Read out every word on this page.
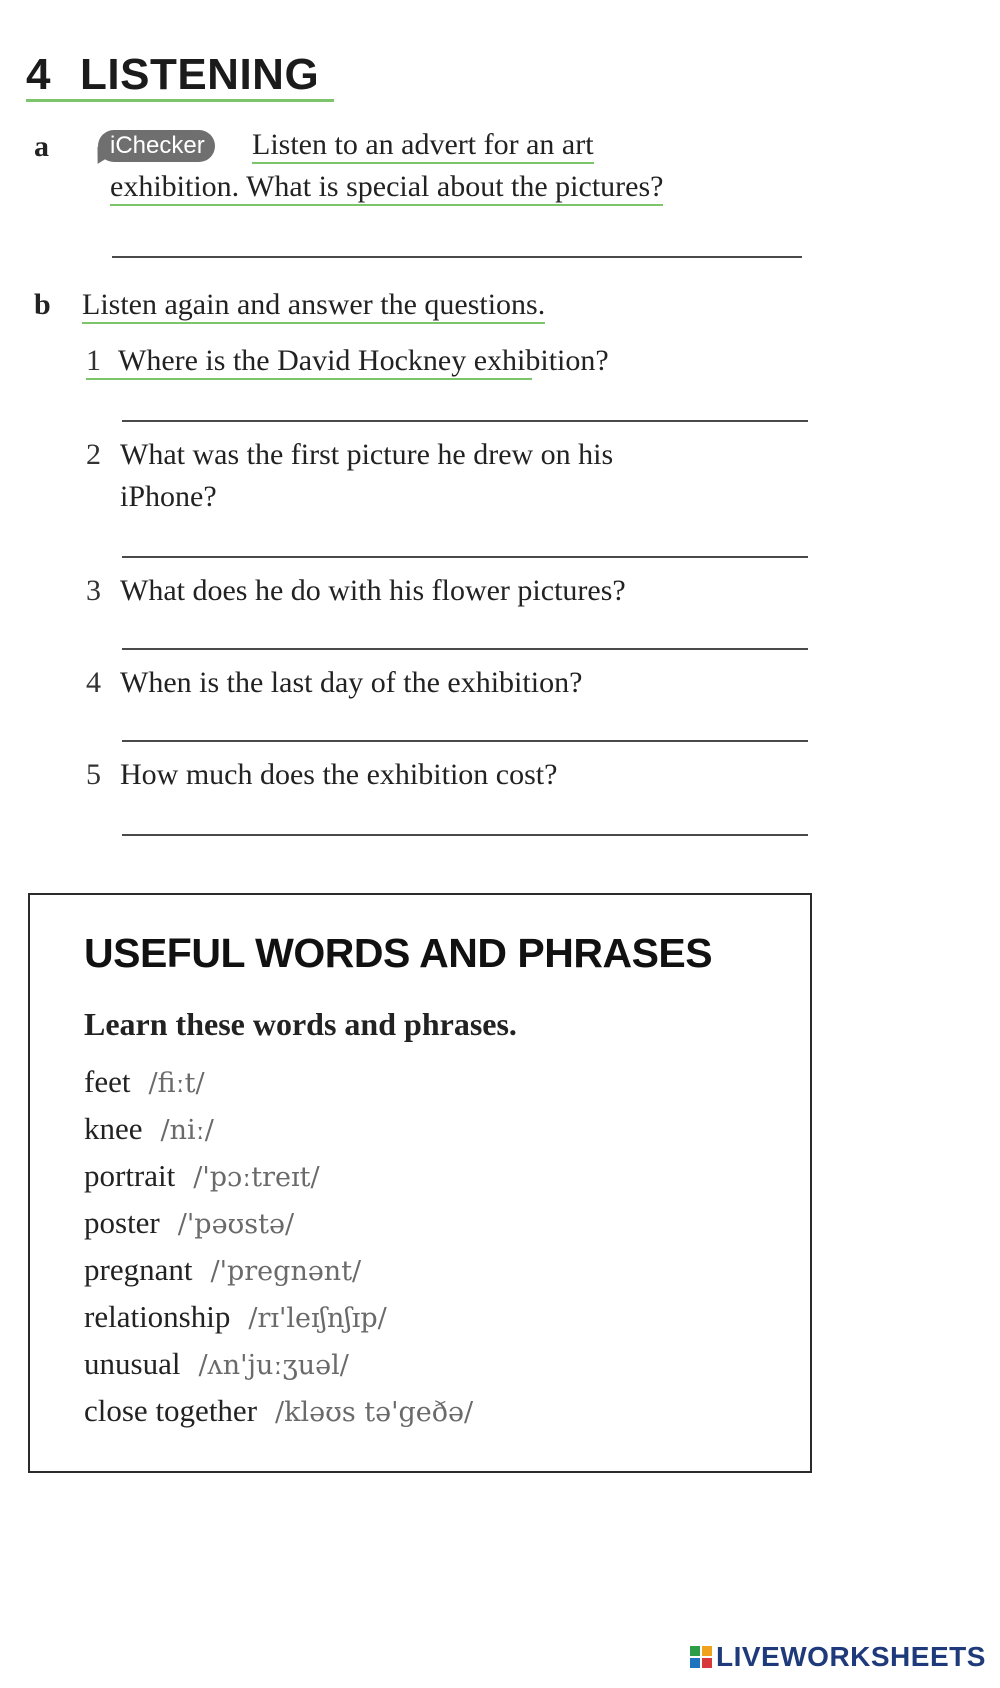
4 LISTENING
a	iChecker	Listen to an advert for an art
exhibition. What is special about the pictures?
b Listen again and answer the questions.
1 Where is the David Hockney exhibition?
2 What was the first picture he drew on his
iPhone?
3 What does he do with his flower pictures?
4 When is the last day of the exhibition?
5 How much does the exhibition cost?
USEFUL WORDS AND PHRASES
Learn these words and phrases.
feet /fiːt/
knee /niː/
portrait /'pɔːtreɪt/
poster /'pəʊstə/
pregnant /'pregnənt/
relationship /rɪ'leɪʃnʃɪp/
unusual /ʌn'juːʒuəl/
close together /kləʊs tə'geðə/
LIVEWORKSHEETS
